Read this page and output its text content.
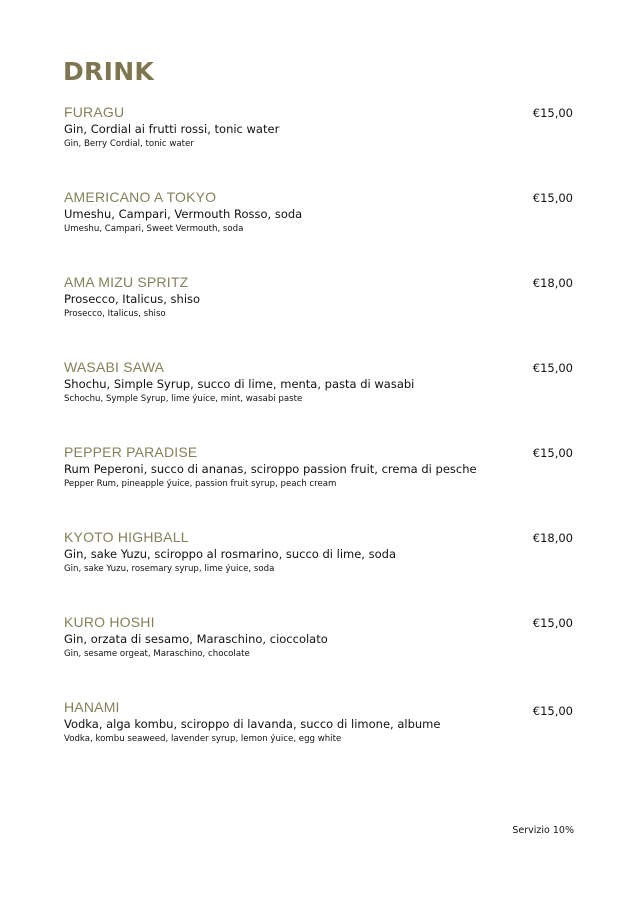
DRINK
FURAGU
Gin, Cordial ai frutti rossi, tonic water
Gin, Berry Cordial, tonic water
€15,00
AMERICANO A TOKYO
Umeshu, Campari, Vermouth Rosso, soda
Umeshu, Campari, Sweet Vermouth, soda
€15,00
AMA MIZU SPRITZ
Prosecco, Italicus, shiso
Prosecco, Italicus, shiso
€18,00
WASABI SAWA
Shochu, Simple Syrup, succo di lime, menta, pasta di wasabi
Schochu, Symple Syrup, lime ýuice, mint, wasabi paste
€15,00
PEPPER PARADISE
Rum Peperoni, succo di ananas, sciroppo passion fruit, crema di pesche
Pepper Rum, pineapple ýuice, passion fruit syrup, peach cream
€15,00
KYOTO HIGHBALL
Gin, sake Yuzu, sciroppo al rosmarino, succo di lime, soda
Gin, sake Yuzu, rosemary syrup, lime ýuice, soda
€18,00
KURO HOSHI
Gin, orzata di sesamo, Maraschino, cioccolato
Gin, sesame orgeat, Maraschino, chocolate
€15,00
HANAMI
Vodka, alga kombu, sciroppo di lavanda, succo di limone, albume
Vodka, kombu seaweed, lavender syrup, lemon ýuice, egg white
€15,00
Servizio 10%
